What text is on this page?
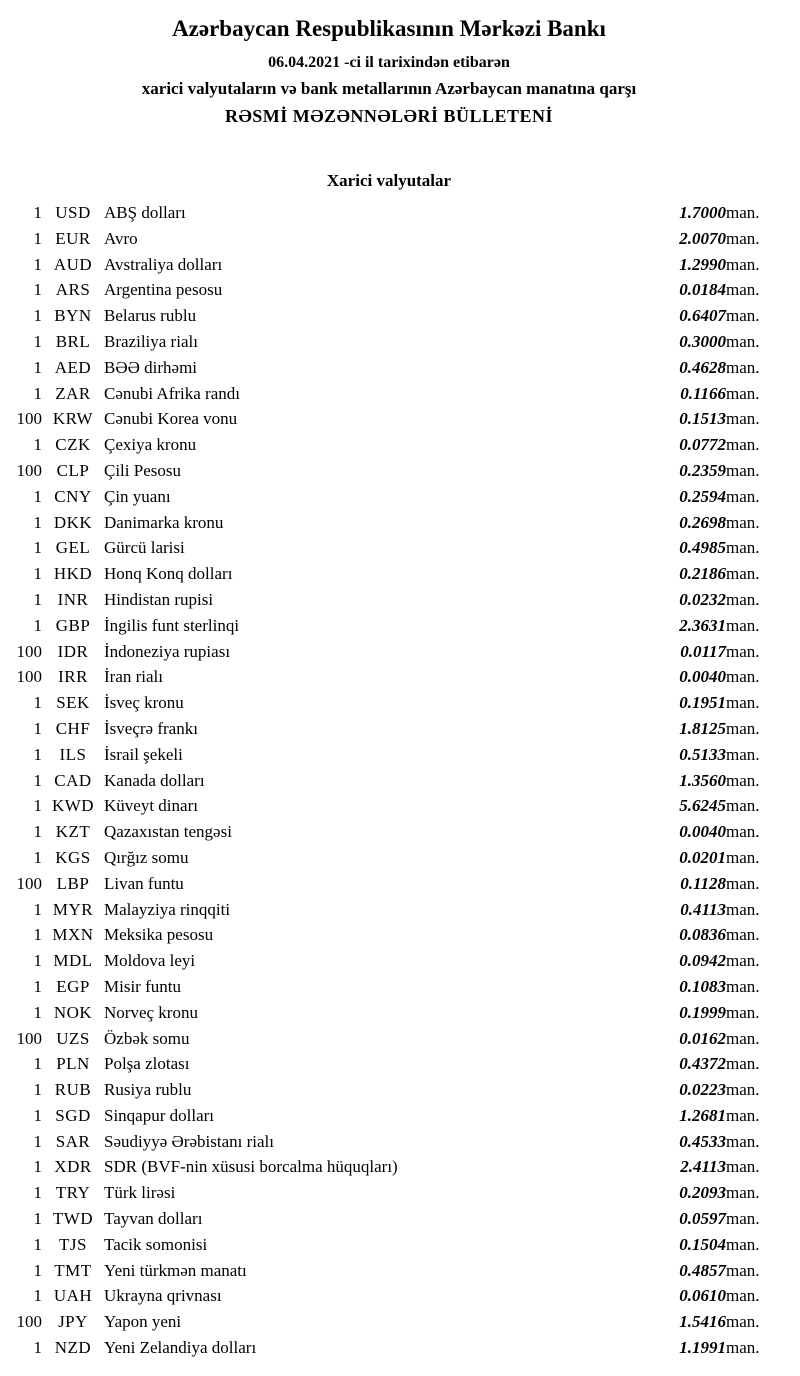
Azərbaycan Respublikasının Mərkəzi Bankı
06.04.2021 -ci il tarixindən etibarən
xarici valyutaların və bank metallarının Azərbaycan manatına qarşı
RƏSMİ MƏZƏNNƏLƏRİ BÜLLETENİ
Xarici valyutalar
1	USD	ABŞ dolları	1.7000	man.
1	EUR	Avro	2.0070	man.
1	AUD	Avstraliya dolları	1.2990	man.
1	ARS	Argentina pesosu	0.0184	man.
1	BYN	Belarus rublu	0.6407	man.
1	BRL	Braziliya rialı	0.3000	man.
1	AED	BƏƏ dirhəmi	0.4628	man.
1	ZAR	Cənubi Afrika randı	0.1166	man.
100	KRW	Cənubi Korea vonu	0.1513	man.
1	CZK	Çexiya kronu	0.0772	man.
100	CLP	Çili Pesosu	0.2359	man.
1	CNY	Çin yuanı	0.2594	man.
1	DKK	Danimarka kronu	0.2698	man.
1	GEL	Gürcü larisi	0.4985	man.
1	HKD	Honq Konq dolları	0.2186	man.
1	INR	Hindistan rupisi	0.0232	man.
1	GBP	İngilis funt sterlinqi	2.3631	man.
100	IDR	İndoneziya rupiası	0.0117	man.
100	IRR	İran rialı	0.0040	man.
1	SEK	İsveç kronu	0.1951	man.
1	CHF	İsveçrə frankı	1.8125	man.
1	ILS	İsrail şekeli	0.5133	man.
1	CAD	Kanada dolları	1.3560	man.
1	KWD	Küveyt dinarı	5.6245	man.
1	KZT	Qazaxıstan tengəsi	0.0040	man.
1	KGS	Qırğız somu	0.0201	man.
100	LBP	Livan funtu	0.1128	man.
1	MYR	Malayziya rinqqiti	0.4113	man.
1	MXN	Meksika pesosu	0.0836	man.
1	MDL	Moldova leyi	0.0942	man.
1	EGP	Misir funtu	0.1083	man.
1	NOK	Norveç kronu	0.1999	man.
100	UZS	Özbək somu	0.0162	man.
1	PLN	Polşa zlotası	0.4372	man.
1	RUB	Rusiya rublu	0.0223	man.
1	SGD	Sinqapur dolları	1.2681	man.
1	SAR	Səudiyyə Ərəbistanı rialı	0.4533	man.
1	XDR	SDR (BVF-nin xüsusi borcalma hüquqları)	2.4113	man.
1	TRY	Türk lirəsi	0.2093	man.
1	TWD	Tayvan dolları	0.0597	man.
1	TJS	Tacik somonisi	0.1504	man.
1	TMT	Yeni türkmən manatı	0.4857	man.
1	UAH	Ukrayna qrivnası	0.0610	man.
100	JPY	Yapon yeni	1.5416	man.
1	NZD	Yeni Zelandiya dolları	1.1991	man.
